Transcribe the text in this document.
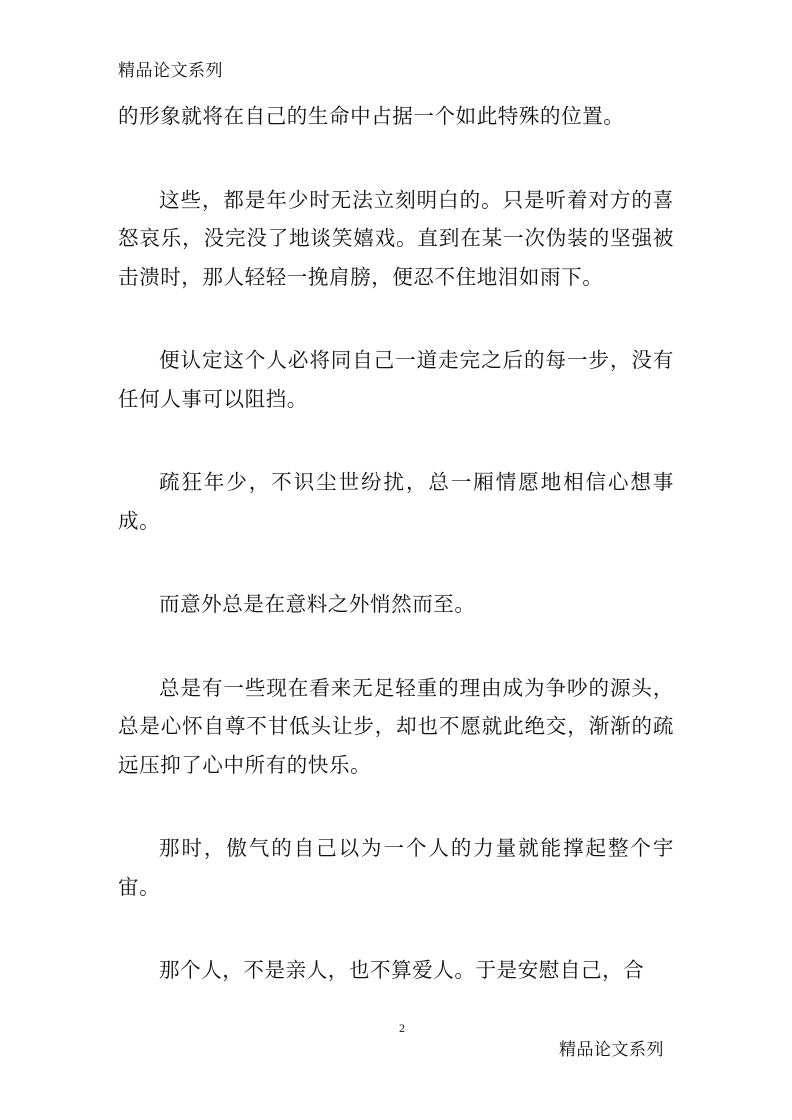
精品论文系列

的形象就将在自己的生命中占据一个如此特殊的位置。

这些，都是年少时无法立刻明白的。只是听着对方的喜怒哀乐，没完没了地谈笑嬉戏。直到在某一次伪装的坚强被击溃时，那人轻轻一挽肩膀，便忍不住地泪如雨下。

便认定这个人必将同自己一道走完之后的每一步，没有任何人事可以阻挡。

疏狂年少，不识尘世纷扰，总一厢情愿地相信心想事成。

而意外总是在意料之外悄然而至。

总是有一些现在看来无足轻重的理由成为争吵的源头，总是心怀自尊不甘低头让步，却也不愿就此绝交，渐渐的疏远压抑了心中所有的快乐。

那时，傲气的自己以为一个人的力量就能撑起整个宇宙。

那个人，不是亲人，也不算爱人。于是安慰自己，合

2
精品论文系列
